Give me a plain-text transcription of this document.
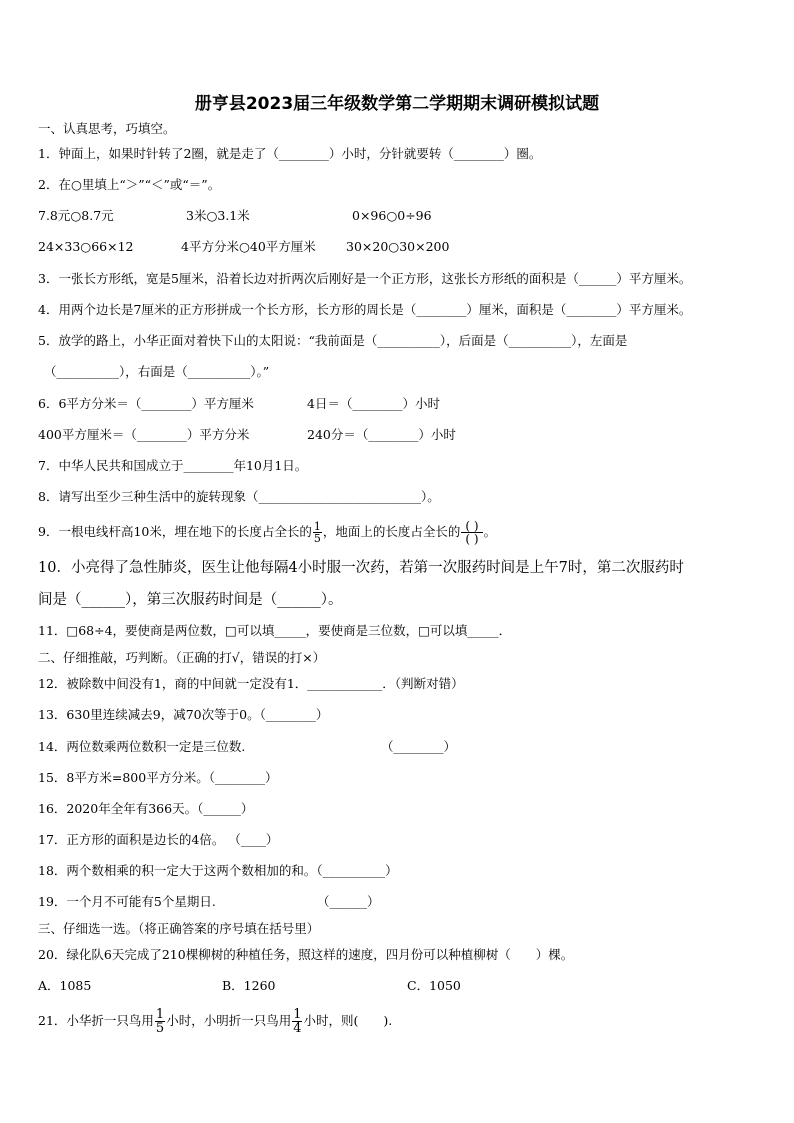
册亨县2023届三年级数学第二学期期末调研模拟试题
一、认真思考，巧填空。
1．钟面上，如果时针转了2圈，就是走了（________）小时，分针就要转（________）圈。
2．在○里填上“＞”“＜”或“＝”。
7.8元○8.7元	3米○3.1米	0×96○0÷96
24×33○66×12	4平方分米○40平方厘米 30×20○30×200
3．一张长方形纸，宽是5厘米，沿着长边对折两次后刚好是一个正方形，这张长方形纸的面积是（______）平方厘米。
4．用两个边长是7厘米的正方形拼成一个长方形，长方形的周长是（________）厘米，面积是（________）平方厘米。
5．放学的路上，小华正面对着快下山的太阳说：“我前面是（__________），后面是（__________），左面是
（__________），右面是（__________）。”
6．6平方分米＝（________）平方厘米	4日＝（________）小时
400平方厘米＝（________）平方分米	240分＝（________）小时
7．中华人民共和国成立于________年10月1日。
8．请写出至少三种生活中的旋转现象（__________________________）。
9．一根电线杆高10米，埋在地下的长度占全长的 $\frac{1}{5}$ ，地面上的长度占全长的 $\frac{( )}{( )}$ 。
10．小亮得了急性肺炎，医生让他每隔4小时服一次药，若第一次服药时间是上午7时，第二次服药时
间是（______），第三次服药时间是（______）。
11．□68÷4，要使商是两位数，□可以填_____，要使商是三位数，□可以填_____．
二、仔细推敲，巧判断。（正确的打√，错误的打×）
12．被除数中间没有1，商的中间就一定没有1．____________．（判断对错）
13．630里连续减去9，减70次等于0。（________）
14．两位数乘两位数积一定是三位数.	（________）
15．8平方米=800平方分米。（________）
16．2020年全年有366天。（______）
17．正方形的面积是边长的4倍。 （____）
18．两个数相乘的积一定大于这两个数相加的和。（__________）
19．一个月不可能有5个星期日.	（______）
三、仔细选一选。（将正确答案的序号填在括号里）
20．绿化队6天完成了210棵柳树的种植任务，照这样的速度，四月份可以种植柳树（　　）棵。
A．1085	B．1260	C．1050
21．小华折一只鸟用 $\frac{1}{5}$ 小时，小明折一只鸟用 $\frac{1}{4}$ 小时，则(　　).
